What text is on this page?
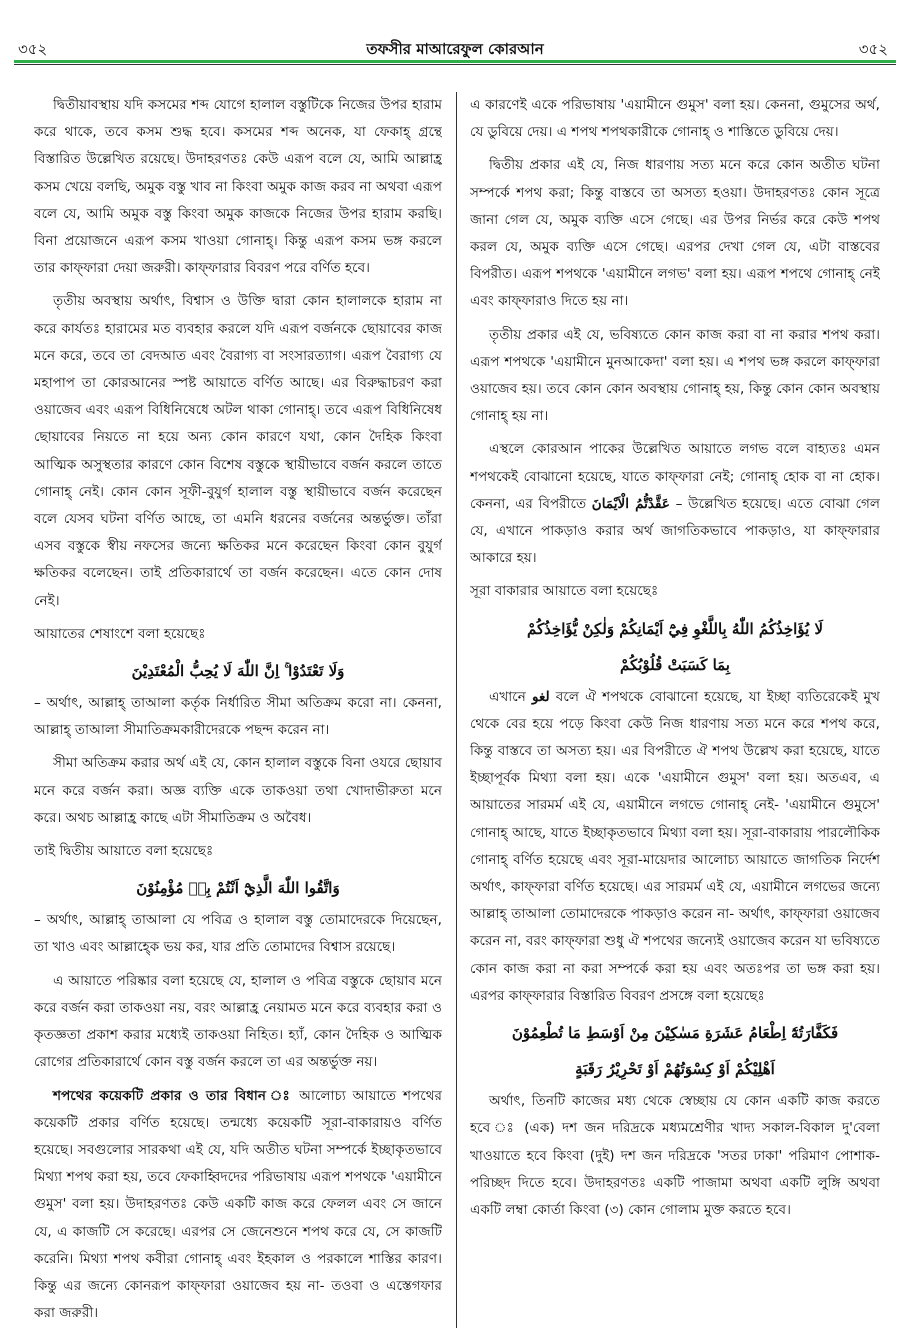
৩৫২	তফসীর মাআরেফুল কোরআন	৩৫২

দ্বিতীয়াবস্থায় যদি কসমের শব্দ যোগে হালাল বস্তুটিকে নিজের উপর হারাম করে থাকে, তবে কসম শুদ্ধ হবে। কসমের শব্দ অনেক, যা ফেকাহ্ গ্রন্থে বিস্তারিত উল্লেখিত রয়েছে। উদাহরণতঃ কেউ এরূপ বলে যে, আমি আল্লাহ্র কসম খেয়ে বলছি, অমুক বস্তু খাব না কিংবা অমুক কাজ করব না অথবা এরূপ বলে যে, আমি অমুক বস্তু কিংবা অমুক কাজকে নিজের উপর হারাম করছি। বিনা প্রয়োজনে এরূপ কসম খাওয়া গোনাহ্। কিন্তু এরূপ কসম ভঙ্গ করলে তার কাফ্ফারা দেয়া জরুরী। কাফ্ফারার বিবরণ পরে বর্ণিত হবে।

তৃতীয় অবস্থায় অর্থাৎ, বিশ্বাস ও উক্তি দ্বারা কোন হালালকে হারাম না করে কার্যতঃ হারামের মত ব্যবহার করলে যদি এরূপ বর্জনকে ছোয়াবের কাজ মনে করে, তবে তা বেদআত এবং বৈরাগ্য বা সংসারত্যাগ। এরূপ বৈরাগ্য যে মহাপাপ তা কোরআনের স্পষ্ট আয়াতে বর্ণিত আছে। এর বিরুদ্ধাচরণ করা ওয়াজেব এবং এরূপ বিধিনিষেধে অটল থাকা গোনাহ্। তবে এরূপ বিধিনিষেধ ছোয়াবের নিয়তে না হয়ে অন্য কোন কারণে যথা, কোন দৈহিক কিংবা আত্মিক অসুস্থতার কারণে কোন বিশেষ বস্তুকে স্থায়ীভাবে বর্জন করলে তাতে গোনাহ্ নেই। কোন কোন সূফী-বুযুর্গ হালাল বস্তু স্থায়ীভাবে বর্জন করেছেন বলে যেসব ঘটনা বর্ণিত আছে, তা এমনি ধরনের বর্জনের অন্তর্ভুক্ত। তাঁরা এসব বস্তুকে স্বীয় নফসের জন্যে ক্ষতিকর মনে করেছেন কিংবা কোন বুযুর্গ ক্ষতিকর বলেছেন। তাই প্রতিকারার্থে তা বর্জন করেছেন। এতে কোন দোষ নেই।

আয়াতের শেষাংশে বলা হয়েছেঃ

وَلَا تَعْتَدُوْا ۚ اِنَّ اللّٰهَ لَا يُحِبُّ الْمُعْتَدِيْنَ

– অর্থাৎ, আল্লাহ্ তাআলা কর্তৃক নির্ধারিত সীমা অতিক্রম করো না। কেননা, আল্লাহ্ তাআলা সীমাতিক্রমকারীদেরকে পছন্দ করেন না।

সীমা অতিক্রম করার অর্থ এই যে, কোন হালাল বস্তুকে বিনা ওযরে ছোয়াব মনে করে বর্জন করা। অজ্ঞ ব্যক্তি একে তাকওয়া তথা খোদাভীরুতা মনে করে। অথচ আল্লাহ্র কাছে এটা সীমাতিক্রম ও অবৈধ।

তাই দ্বিতীয় আয়াতে বলা হয়েছেঃ

وَاتَّقُوا اللّٰهَ الَّذِيْٓ اَنْتُمْ بِهٖ مُؤْمِنُوْنَ

– অর্থাৎ, আল্লাহ্ তাআলা যে পবিত্র ও হালাল বস্তু তোমাদেরকে দিয়েছেন, তা খাও এবং আল্লাহ্কে ভয় কর, যার প্রতি তোমাদের বিশ্বাস রয়েছে।

এ আয়াতে পরিষ্কার বলা হয়েছে যে, হালাল ও পবিত্র বস্তুকে ছোয়াব মনে করে বর্জন করা তাকওয়া নয়, বরং আল্লাহ্র নেয়ামত মনে করে ব্যবহার করা ও কৃতজ্ঞতা প্রকাশ করার মধ্যেই তাকওয়া নিহিত। হ্যাঁ, কোন দৈহিক ও আত্মিক রোগের প্রতিকারার্থে কোন বস্তু বর্জন করলে তা এর অন্তর্ভুক্ত নয়।

শপথের কয়েকটি প্রকার ও তার বিধান ঃ আলোচ্য আয়াতে শপথের কয়েকটি প্রকার বর্ণিত হয়েছে। তন্মধ্যে কয়েকটি সূরা-বাকারায়ও বর্ণিত হয়েছে। সবগুলোর সারকথা এই যে, যদি অতীত ঘটনা সম্পর্কে ইচ্ছাকৃতভাবে মিথ্যা শপথ করা হয়, তবে ফেকাহ্বিদদের পরিভাষায় এরূপ শপথকে 'এয়ামীনে গুমুস' বলা হয়। উদাহরণতঃ কেউ একটি কাজ করে ফেলল এবং সে জানে যে, এ কাজটি সে করেছে। এরপর সে জেনেশুনে শপথ করে যে, সে কাজটি করেনি। মিথ্যা শপথ কবীরা গোনাহ্ এবং ইহকাল ও পরকালে শাস্তির কারণ। কিন্তু এর জন্যে কোনরূপ কাফ্ফারা ওয়াজেব হয় না- তওবা ও এস্তেগফার করা জরুরী।

এ কারণেই একে পরিভাষায় 'এয়ামীনে গুমুস' বলা হয়। কেননা, গুমুসের অর্থ, যে ডুবিয়ে দেয়। এ শপথ শপথকারীকে গোনাহ্ ও শাস্তিতে ডুবিয়ে দেয়।

দ্বিতীয় প্রকার এই যে, নিজ ধারণায় সত্য মনে করে কোন অতীত ঘটনা সম্পর্কে শপথ করা; কিন্তু বাস্তবে তা অসত্য হওয়া। উদাহরণতঃ কোন সূত্রে জানা গেল যে, অমুক ব্যক্তি এসে গেছে। এর উপর নির্ভর করে কেউ শপথ করল যে, অমুক ব্যক্তি এসে গেছে। এরপর দেখা গেল যে, এটা বাস্তবের বিপরীত। এরূপ শপথকে 'এয়ামীনে লগভ' বলা হয়। এরূপ শপথে গোনাহ্ নেই এবং কাফ্ফারাও দিতে হয় না।

তৃতীয় প্রকার এই যে, ভবিষ্যতে কোন কাজ করা বা না করার শপথ করা। এরূপ শপথকে 'এয়ামীনে মুনআকেদা' বলা হয়। এ শপথ ভঙ্গ করলে কাফ্ফারা ওয়াজেব হয়। তবে কোন কোন অবস্থায় গোনাহ্ হয়, কিন্তু কোন কোন অবস্থায় গোনাহ্ হয় না।

এস্থলে কোরআন পাকের উল্লেখিত আয়াতে লগভ বলে বাহ্যতঃ এমন শপথকেই বোঝানো হয়েছে, যাতে কাফ্ফারা নেই; গোনাহ্ হোক বা না হোক। কেননা, এর বিপরীতে عَقَّدْتُّمُ الْاَيْمَانَ – উল্লেখিত হয়েছে। এতে বোঝা গেল যে, এখানে পাকড়াও করার অর্থ জাগতিকভাবে পাকড়াও, যা কাফ্ফারার আকারে হয়।

সূরা বাকারার আয়াতে বলা হয়েছেঃ

لَا يُؤَاخِذُكُمُ اللّٰهُ بِاللَّغْوِ فِيْٓ اَيْمَانِكُمْ وَلٰكِنْ يُّؤَاخِذُكُمْ
بِمَا كَسَبَتْ قُلُوْبُكُمْ

এখানে لغو বলে ঐ শপথকে বোঝানো হয়েছে, যা ইচ্ছা ব্যতিরেকেই মুখ থেকে বের হয়ে পড়ে কিংবা কেউ নিজ ধারণায় সত্য মনে করে শপথ করে, কিন্তু বাস্তবে তা অসত্য হয়। এর বিপরীতে ঐ শপথ উল্লেখ করা হয়েছে, যাতে ইচ্ছাপূর্বক মিথ্যা বলা হয়। একে 'এয়ামীনে গুমুস' বলা হয়। অতএব, এ আয়াতের সারমর্ম এই যে, এয়ামীনে লগভে গোনাহ্ নেই- 'এয়ামীনে গুমুসে' গোনাহ্ আছে, যাতে ইচ্ছাকৃতভাবে মিথ্যা বলা হয়। সূরা-বাকারায় পারলৌকিক গোনাহ্ বর্ণিত হয়েছে এবং সূরা-মায়েদার আলোচ্য আয়াতে জাগতিক নির্দেশ অর্থাৎ, কাফ্ফারা বর্ণিত হয়েছে। এর সারমর্ম এই যে, এয়ামীনে লগভের জন্যে আল্লাহ্ তাআলা তোমাদেরকে পাকড়াও করেন না- অর্থাৎ, কাফ্ফারা ওয়াজেব করেন না, বরং কাফ্ফারা শুধু ঐ শপথের জন্যেই ওয়াজেব করেন যা ভবিষ্যতে কোন কাজ করা না করা সম্পর্কে করা হয় এবং অতঃপর তা ভঙ্গ করা হয়। এরপর কাফ্ফারার বিস্তারিত বিবরণ প্রসঙ্গে বলা হয়েছেঃ

فَكَفَّارَتُهٗٓ اِطْعَامُ عَشَرَةِ مَسٰكِيْنَ مِنْ اَوْسَطِ مَا تُطْعِمُوْنَ
اَهْلِيْكُمْ اَوْ كِسْوَتُهُمْ اَوْ تَحْرِيْرُ رَقَبَةٍ

অর্থাৎ, তিনটি কাজের মধ্য থেকে স্বেচ্ছায় যে কোন একটি কাজ করতে হবে ঃ (এক) দশ জন দরিদ্রকে মধ্যমশ্রেণীর খাদ্য সকাল-বিকাল দু'বেলা খাওয়াতে হবে কিংবা (দুই) দশ জন দরিদ্রকে 'সতর ঢাকা' পরিমাণ পোশাক-পরিচ্ছদ দিতে হবে। উদাহরণতঃ একটি পাজামা অথবা একটি লুঙ্গি অথবা একটি লম্বা কোর্তা কিংবা (৩) কোন গোলাম মুক্ত করতে হবে।
